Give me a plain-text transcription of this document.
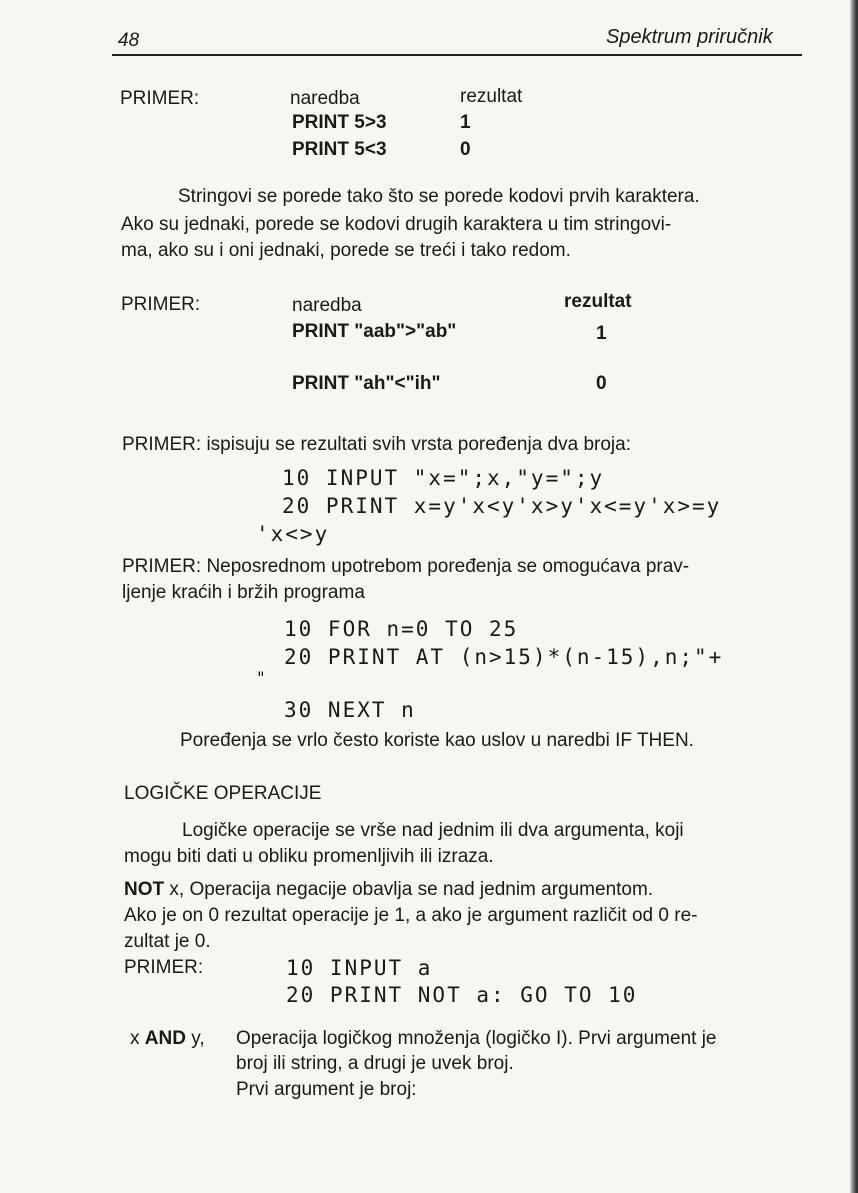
48	Spektrum priručnik
PRIMER:	naredba	rezultat
PRINT 5>3	1
PRINT 5<3	0
Stringovi se porede tako što se porede kodovi prvih karaktera.
Ako su jednaki, porede se kodovi drugih karaktera u tim stringovi-
ma, ako su i oni jednaki, porede se treći i tako redom.
PRIMER:	naredba	rezultat
PRINT "aab">"ab"	1
PRINT "ah"<"ih"	0
PRIMER: ispisuju se rezultati svih vrsta poređenja dva broja:
10 INPUT "x=";x,"y=";y
20 PRINT x=y'x<y'x>y'x<=y'x>=y
'x<>y
PRIMER: Neposrednom upotrebom poređenja se omogućava prav-
ljenje kraćih i bržih programa
10 FOR n=0 TO 25
20 PRINT AT (n>15)*(n-15),n;"+
"
30 NEXT n
Poređenja se vrlo često koriste kao uslov u naredbi IF THEN.
LOGIČKE OPERACIJE
Logičke operacije se vrše nad jednim ili dva argumenta, koji
mogu biti dati u obliku promenljivih ili izraza.
NOT x, Operacija negacije obavlja se nad jednim argumentom.
Ako je on 0 rezultat operacije je 1, a ako je argument različit od 0 re-
zultat je 0.
PRIMER:	10 INPUT a
20 PRINT NOT a: GO TO 10
x AND y, Operacija logičkog množenja (logičko I). Prvi argument je
broj ili string, a drugi je uvek broj.
Prvi argument je broj:
